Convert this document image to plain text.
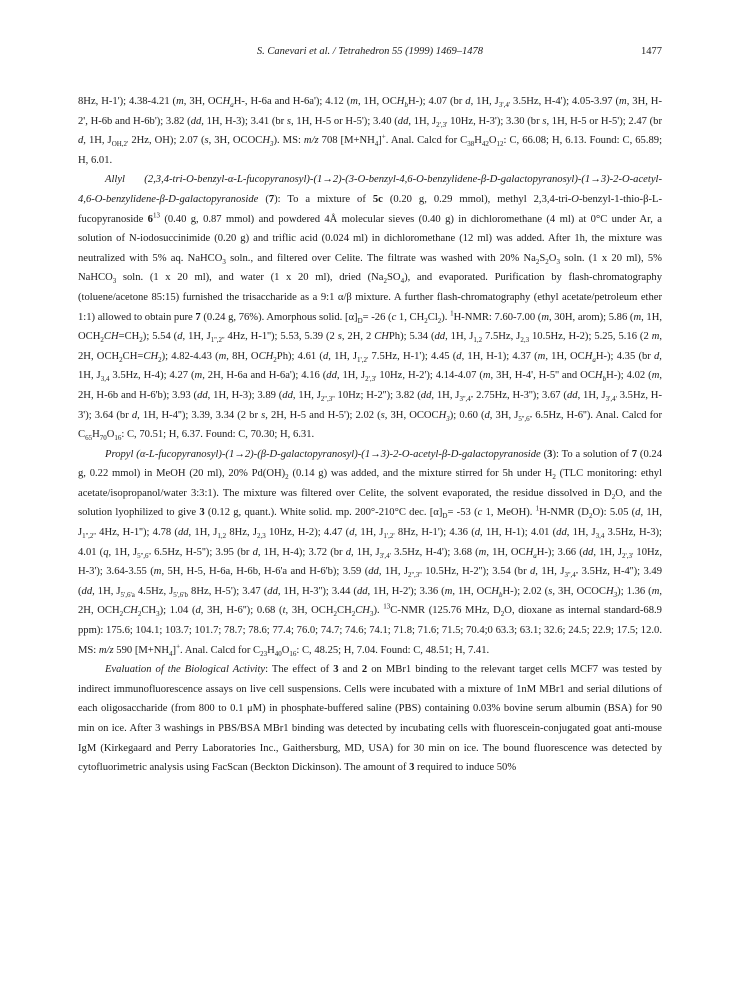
S. Canevari et al. / Tetrahedron 55 (1999) 1469–1478	1477

8Hz, H-1'); 4.38-4.21 (m, 3H, $OCH_aH-$, H-6a and H-6a'); 4.12 (m, 1H, $OCH_bH-$); 4.07 (br d, 1H, $J_{3',4'}$ 3.5Hz, H-4'); 4.05-3.97 (m, 3H, H-2', H-6b and H-6b'); 3.82 (dd, 1H, H-3); 3.41 (br s, 1H, H-5 or H-5'); 3.40 (dd, 1H, $J_{2',3'}$ 10Hz, H-3'); 3.30 (br s, 1H, H-5 or H-5'); 2.47 (br d, 1H, $J_{OH,2'}$ 2Hz, OH); 2.07 (s, 3H, $OCOCH_3$). MS: m/z 708 $[M+NH_4]^+$. Anal. Calcd for $C_{38}H_{42}O_{12}$: C, 66.08; H, 6.13. Found: C, 65.89; H, 6.01.

Allyl (2,3,4-tri-O-benzyl-α-L-fucopyranosyl)-(1→2)-(3-O-benzyl-4,6-O-benzylidene-β-D-galactopyranosyl)-(1→3)-2-O-acetyl-4,6-O-benzylidene-β-D-galactopyranoside (7): To a mixture of 5c (0.20 g, 0.29 mmol), methyl 2,3,4-tri-O-benzyl-1-thio-β-L-fucopyranoside $6^{13}$ (0.40 g, 0.87 mmol) and powdered 4Å molecular sieves (0.40 g) in dichloromethane (4 ml) at 0°C under Ar, a solution of N-iodosuccinimide (0.20 g) and triflic acid (0.024 ml) in dichloromethane (12 ml) was added. After 1h, the mixture was neutralized with 5% aq. NaHCO$_3$ soln., and filtered over Celite. The filtrate was washed with 20% $Na_2S_2O_3$ soln. (1 x 20 ml), 5% NaHCO$_3$ soln. (1 x 20 ml), and water (1 x 20 ml), dried $(Na_2SO_4)$, and evaporated. Purification by flash-chromatography (toluene/acetone 85:15) furnished the trisaccharide as a 9:1 α/β mixture. A further flash-chromatography (ethyl acetate/petroleum ether 1:1) allowed to obtain pure 7 (0.24 g, 76%). Amorphous solid. $[\alpha]_D= -26$ (c 1, $CH_2Cl_2$). $^1$H-NMR: 7.60-7.00 (m, 30H, arom); 5.86 (m, 1H, $OCH_2CH=CH_2$); 5.54 (d, 1H, $J_{1'',2''}$ 4Hz, H-1''); 5.53, 5.39 (2 s, 2H, 2 CHPh); 5.34 (dd, 1H, $J_{1,2}$ 7.5Hz, $J_{2,3}$ 10.5Hz, H-2); 5.25, 5.16 (2 m, 2H, $OCH_2CH=CH_2$); 4.82-4.43 (m, 8H, $OCH_2Ph$); 4.61 (d, 1H, $J_{1',2'}$ 7.5Hz, H-1'); 4.45 (d, 1H, H-1); 4.37 (m, 1H, $OCH_aH-$); 4.35 (br d, 1H, $J_{3,4}$ 3.5Hz, H-4); 4.27 (m, 2H, H-6a and H-6a'); 4.16 (dd, 1H, $J_{2',3'}$ 10Hz, H-2'); 4.14-4.07 (m, 3H, H-4', H-5'' and $OCH_bH-$); 4.02 (m, 2H, H-6b and H-6'b); 3.93 (dd, 1H, H-3); 3.89 (dd, 1H, $J_{2'',3''}$ 10Hz; H-2''); 3.82 (dd, 1H, $J_{3'',4''}$ 2.75Hz, H-3''); 3.67 (dd, 1H, $J_{3',4'}$ 3.5Hz, H-3'); 3.64 (br d, 1H, H-4''); 3.39, 3.34 (2 br s, 2H, H-5 and H-5'); 2.02 (s, 3H, $OCOCH_3$); 0.60 (d, 3H, $J_{5'',6''}$ 6.5Hz, H-6''). Anal. Calcd for $C_{65}H_{70}O_{16}$: C, 70.51; H, 6.37. Found: C, 70.30; H, 6.31.

Propyl (α-L-fucopyranosyl)-(1→2)-(β-D-galactopyranosyl)-(1→3)-2-O-acetyl-β-D-galactopyranoside (3): To a solution of 7 (0.24 g, 0.22 mmol) in MeOH (20 ml), 20% $Pd(OH)_2$ (0.14 g) was added, and the mixture stirred for 5h under $H_2$ (TLC monitoring: ethyl acetate/isopropanol/water 3:3:1). The mixture was filtered over Celite, the solvent evaporated, the residue dissolved in $D_2O$, and the solution lyophilized to give 3 (0.12 g, quant.). White solid. mp. 200°-210°C dec. $[\alpha]_D= -53$ (c 1, MeOH). $^1$H-NMR $(D_2O)$: 5.05 (d, 1H, $J_{1'',2''}$ 4Hz, H-1''); 4.78 (dd, 1H, $J_{1,2}$ 8Hz, $J_{2,3}$ 10Hz, H-2); 4.47 (d, 1H, $J_{1',2'}$ 8Hz, H-1'); 4.36 (d, 1H, H-1); 4.01 (dd, 1H, $J_{3,4}$ 3.5Hz, H-3); 4.01 (q, 1H, $J_{5'',6''}$ 6.5Hz, H-5''); 3.95 (br d, 1H, H-4); 3.72 (br d, 1H, $J_{3',4'}$ 3.5Hz, H-4'); 3.68 (m, 1H, $OCH_aH-$); 3.66 (dd, 1H, $J_{2',3'}$ 10Hz, H-3'); 3.64-3.55 (m, 5H, H-5, H-6a, H-6b, H-6'a and H-6'b); 3.59 (dd, 1H, $J_{2'',3''}$ 10.5Hz, H-2''); 3.54 (br d, 1H, $J_{3'',4''}$ 3.5Hz, H-4''); 3.49 (dd, 1H, $J_{5',6'a}$ 4.5Hz, $J_{5',6'b}$ 8Hz, H-5'); 3.47 (dd, 1H, H-3''); 3.44 (dd, 1H, H-2'); 3.36 (m, 1H, $OCH_bH-$); 2.02 (s, 3H, $OCOCH_3$); 1.36 (m, 2H, $OCH_2CH_2CH_3$); 1.04 (d, 3H, H-6''); 0.68 (t, 3H, $OCH_2CH_2CH_3$). $^{13}$C-NMR (125.76 MHz, $D_2O$, dioxane as internal standard-68.9 ppm): 175.6; 104.1; 103.7; 101.7; 78.7; 78.6; 77.4; 76.0; 74.7; 74.6; 74.1; 71.8; 71.6; 71.5; 70.4;0 63.3; 63.1; 32.6; 24.5; 22.9; 17.5; 12.0. MS: m/z 590 $[M+NH_4]^+$. Anal. Calcd for $C_{23}H_{40}O_{16}$: C, 48.25; H, 7.04. Found: C, 48.51; H, 7.41.

Evaluation of the Biological Activity: The effect of 3 and 2 on MBr1 binding to the relevant target cells MCF7 was tested by indirect immunofluorescence assays on live cell suspensions. Cells were incubated with a mixture of 1nM MBr1 and serial dilutions of each oligosaccharide (from 800 to 0.1 μM) in phosphate-buffered saline (PBS) containing 0.03% bovine serum albumin (BSA) for 90 min on ice. After 3 washings in PBS/BSA MBr1 binding was detected by incubating cells with fluorescein-conjugated goat anti-mouse IgM (Kirkegaard and Perry Laboratories Inc., Gaithersburg, MD, USA) for 30 min on ice. The bound fluorescence was detected by cytofluorimetric analysis using FacScan (Beckton Dickinson). The amount of 3 required to induce 50%
